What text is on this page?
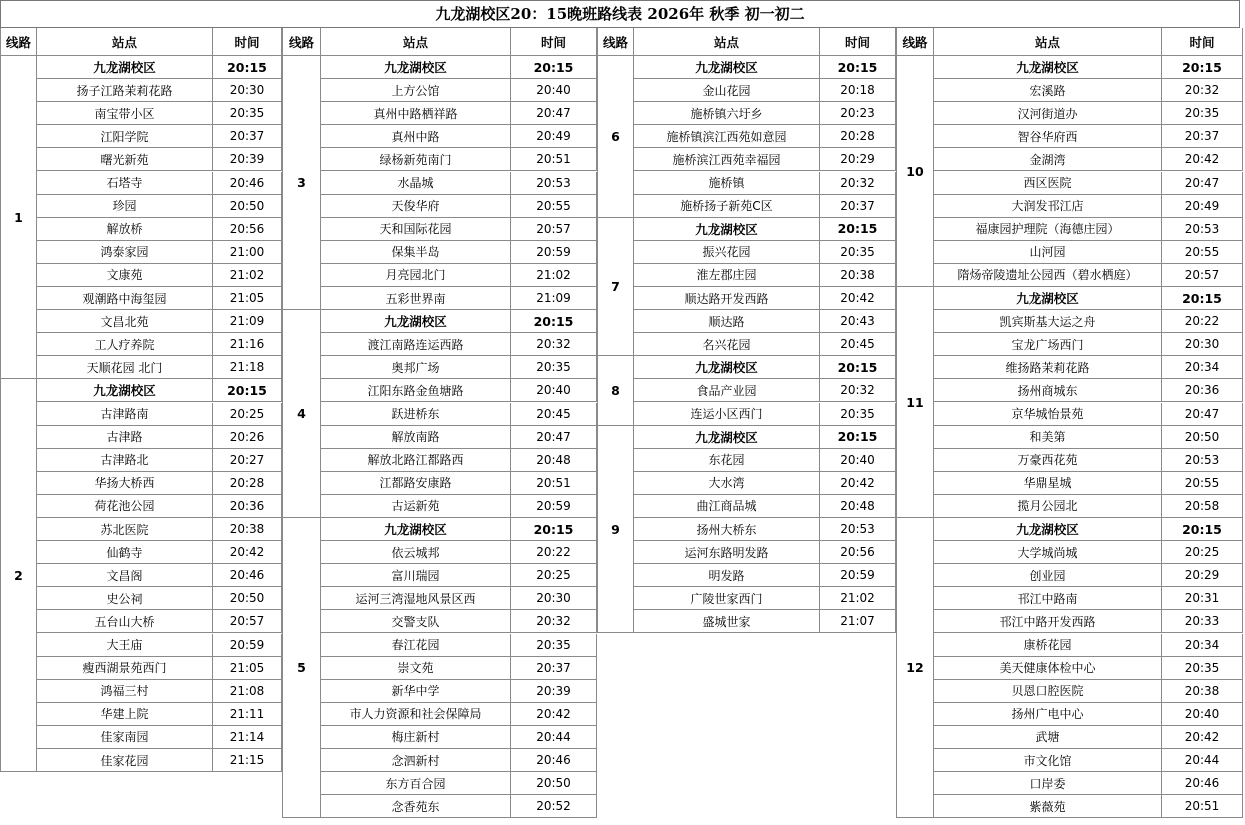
九龙湖校区20：15晚班路线表 2026年 秋季 初一初二
线路	站点	时间
1
九龙湖校区	20:15
扬子江路茉莉花路	20:30
南宝带小区	20:35
江阳学院	20:37
曙光新苑	20:39
石塔寺	20:46
珍园	20:50
解放桥	20:56
鸿泰家园	21:00
文康苑	21:02
观潮路中海玺园	21:05
文昌北苑	21:09
工人疗养院	21:16
天顺花园 北门	21:18
2
九龙湖校区	20:15
古津路南	20:25
古津路	20:26
古津路北	20:27
华扬大桥西	20:28
荷花池公园	20:36
苏北医院	20:38
仙鹤寺	20:42
文昌阁	20:46
史公祠	20:50
五台山大桥	20:57
大王庙	20:59
瘦西湖景苑西门	21:05
鸿福三村	21:08
华建上院	21:11
佳家南园	21:14
佳家花园	21:15
线路	站点	时间
3
九龙湖校区	20:15
上方公馆	20:40
真州中路栖祥路	20:47
真州中路	20:49
绿杨新苑南门	20:51
水晶城	20:53
天俊华府	20:55
天和国际花园	20:57
保集半岛	20:59
月亮园北门	21:02
五彩世界南	21:09
4
九龙湖校区	20:15
渡江南路连运西路	20:32
奥邦广场	20:35
江阳东路金鱼塘路	20:40
跃进桥东	20:45
解放南路	20:47
解放北路江都路西	20:48
江都路安康路	20:51
古运新苑	20:59
5
九龙湖校区	20:15
依云城邦	20:22
富川瑞园	20:25
运河三湾湿地风景区西	20:30
交警支队	20:32
春江花园	20:35
崇文苑	20:37
新华中学	20:39
市人力资源和社会保障局	20:42
梅庄新村	20:44
念泗新村	20:46
东方百合园	20:50
念香苑东	20:52
线路	站点	时间
6
九龙湖校区	20:15
金山花园	20:18
施桥镇六圩乡	20:23
施桥镇滨江西苑如意园	20:28
施桥滨江西苑幸福园	20:29
施桥镇	20:32
施桥扬子新苑C区	20:37
7
九龙湖校区	20:15
振兴花园	20:35
淮左郡庄园	20:38
顺达路开发西路	20:42
顺达路	20:43
名兴花园	20:45
8
九龙湖校区	20:15
食品产业园	20:32
连运小区西门	20:35
9
九龙湖校区	20:15
东花园	20:40
大水湾	20:42
曲江商品城	20:48
扬州大桥东	20:53
运河东路明发路	20:56
明发路	20:59
广陵世家西门	21:02
盛城世家	21:07
线路	站点	时间
10
九龙湖校区	20:15
宏溪路	20:32
汉河街道办	20:35
智谷华府西	20:37
金湖湾	20:42
西区医院	20:47
大润发邗江店	20:49
福康园护理院（海德庄园）	20:53
山河园	20:55
隋炀帝陵遗址公园西（碧水栖庭）	20:57
11
九龙湖校区	20:15
凯宾斯基大运之舟	20:22
宝龙广场西门	20:30
维扬路茉莉花路	20:34
扬州商城东	20:36
京华城怡景苑	20:47
和美第	20:50
万豪西花苑	20:53
华鼎星城	20:55
揽月公园北	20:58
12
九龙湖校区	20:15
大学城尚城	20:25
创业园	20:29
邗江中路南	20:31
邗江中路开发西路	20:33
康桥花园	20:34
美天健康体检中心	20:35
贝恩口腔医院	20:38
扬州广电中心	20:40
武塘	20:42
市文化馆	20:44
口岸委	20:46
紫薇苑	20:51
